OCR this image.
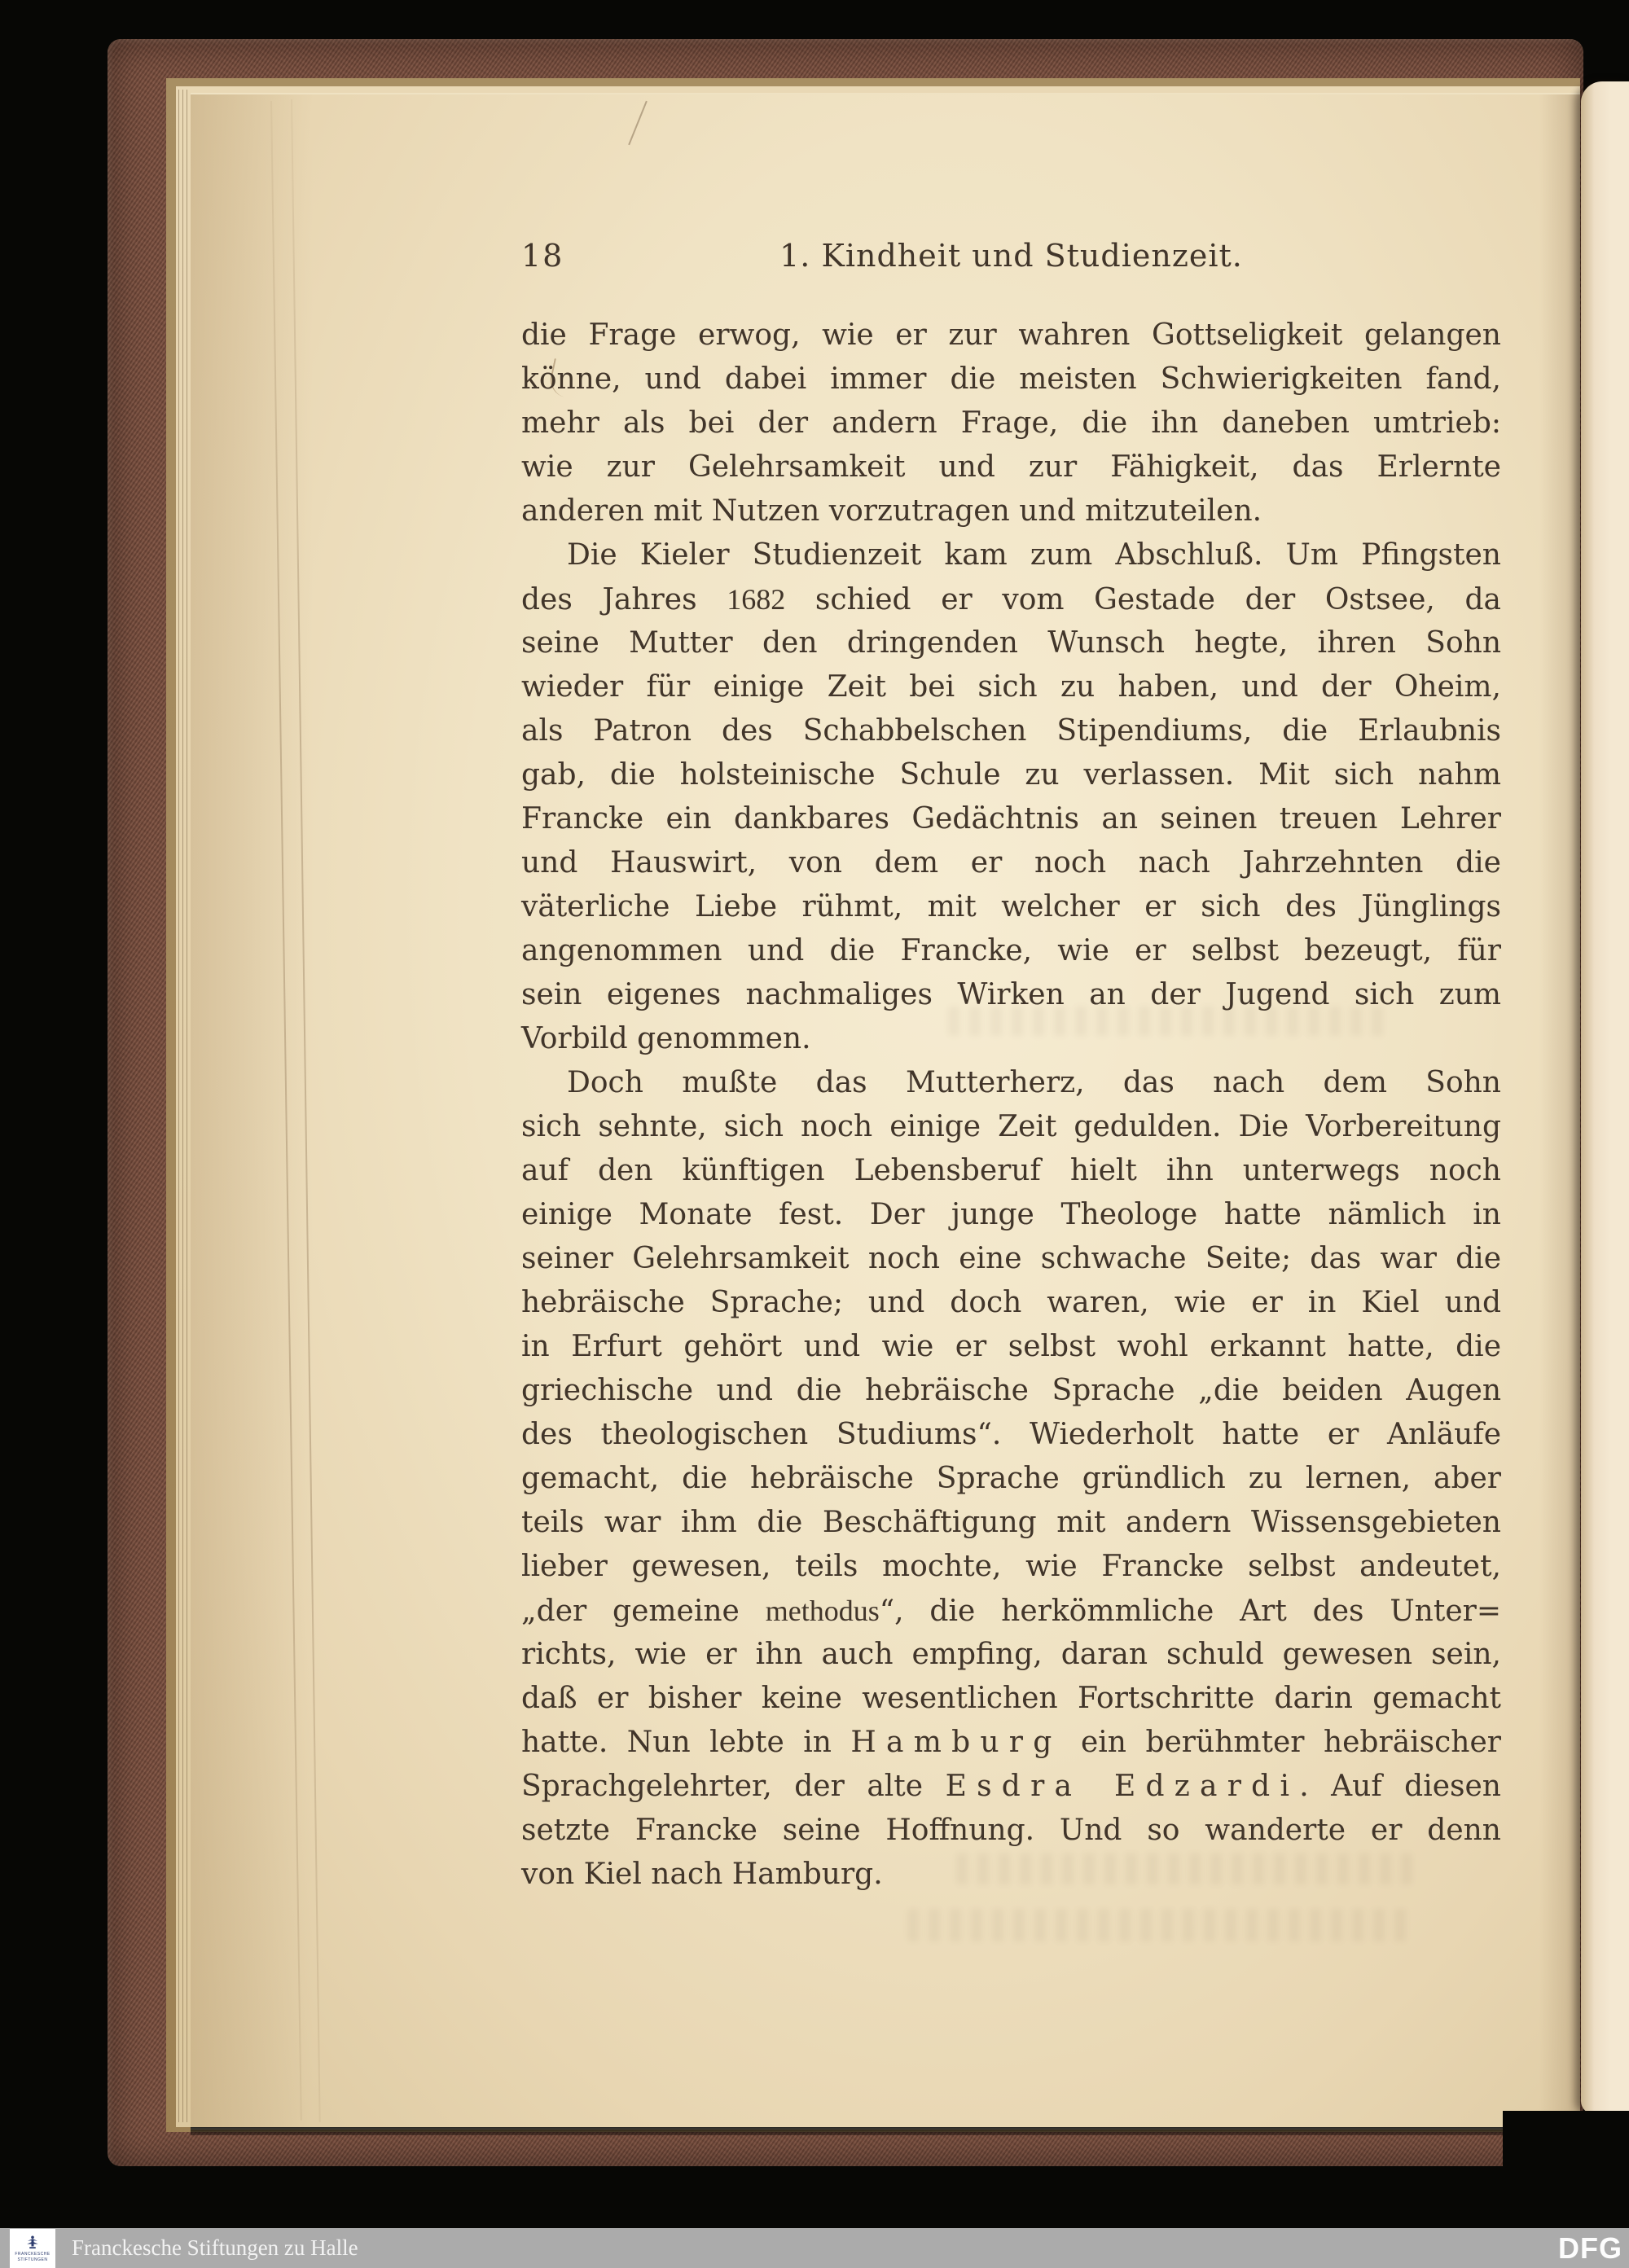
18	1. Kindheit und Studienzeit.
die Frage erwog, wie er zur wahren Gottseligkeit gelangen
könne, und dabei immer die meisten Schwierigkeiten fand,
mehr als bei der andern Frage, die ihn daneben umtrieb:
wie zur Gelehrsamkeit und zur Fähigkeit, das Erlernte
anderen mit Nutzen vorzutragen und mitzuteilen.
Die Kieler Studienzeit kam zum Abschluß. Um Pfingsten
des Jahres 1682 schied er vom Gestade der Ostsee, da
seine Mutter den dringenden Wunsch hegte, ihren Sohn
wieder für einige Zeit bei sich zu haben, und der Oheim,
als Patron des Schabbelschen Stipendiums, die Erlaubnis
gab, die holsteinische Schule zu verlassen. Mit sich nahm
Francke ein dankbares Gedächtnis an seinen treuen Lehrer
und Hauswirt, von dem er noch nach Jahrzehnten die
väterliche Liebe rühmt, mit welcher er sich des Jünglings
angenommen und die Francke, wie er selbst bezeugt, für
sein eigenes nachmaliges Wirken an der Jugend sich zum
Vorbild genommen.
Doch mußte das Mutterherz, das nach dem Sohn
sich sehnte, sich noch einige Zeit gedulden. Die Vorbereitung
auf den künftigen Lebensberuf hielt ihn unterwegs noch
einige Monate fest. Der junge Theologe hatte nämlich in
seiner Gelehrsamkeit noch eine schwache Seite; das war die
hebräische Sprache; und doch waren, wie er in Kiel und
in Erfurt gehört und wie er selbst wohl erkannt hatte, die
griechische und die hebräische Sprache „die beiden Augen
des theologischen Studiums“. Wiederholt hatte er Anläufe
gemacht, die hebräische Sprache gründlich zu lernen, aber
teils war ihm die Beschäftigung mit andern Wissensgebieten
lieber gewesen, teils mochte, wie Francke selbst andeutet,
„der gemeine methodus“, die herkömmliche Art des Unter=
richts, wie er ihn auch empfing, daran schuld gewesen sein,
daß er bisher keine wesentlichen Fortschritte darin gemacht
hatte. Nun lebte in Hamburg ein berühmter hebräischer
Sprachgelehrter, der alte Esdra Edzardi. Auf diesen
setzte Francke seine Hoffnung. Und so wanderte er denn
von Kiel nach Hamburg.
FRANCKESCHE
STIFTUNGEN Franckesche Stiftungen zu Halle	DFG
